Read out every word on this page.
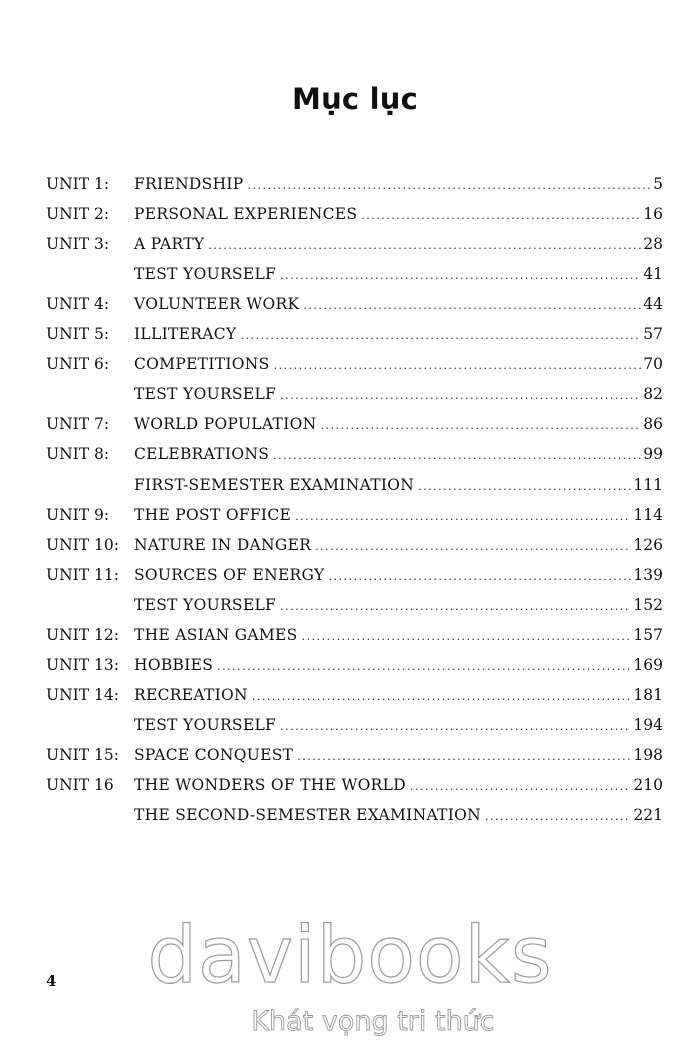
Mục lục
UNIT 1:	FRIENDSHIP .....	5
UNIT 2:	PERSONAL EXPERIENCES .....	16
UNIT 3:	A PARTY .....	28
TEST YOURSELF .....	41
UNIT 4:	VOLUNTEER WORK .....	44
UNIT 5:	ILLITERACY .....	57
UNIT 6:	COMPETITIONS .....	70
TEST YOURSELF .....	82
UNIT 7:	WORLD POPULATION .....	86
UNIT 8:	CELEBRATIONS .....	99
FIRST-SEMESTER EXAMINATION .....	111
UNIT 9:	THE POST OFFICE .....	114
UNIT 10: NATURE IN DANGER .....	126
UNIT 11: SOURCES OF ENERGY .....	139
TEST YOURSELF .....	152
UNIT 12: THE ASIAN GAMES .....	157
UNIT 13: HOBBIES .....	169
UNIT 14: RECREATION .....	181
TEST YOURSELF .....	194
UNIT 15: SPACE CONQUEST .....	198
UNIT 16	THE WONDERS OF THE WORLD .....	210
THE SECOND-SEMESTER EXAMINATION .....	221
4 davibooks
Khát vọng tri thức
